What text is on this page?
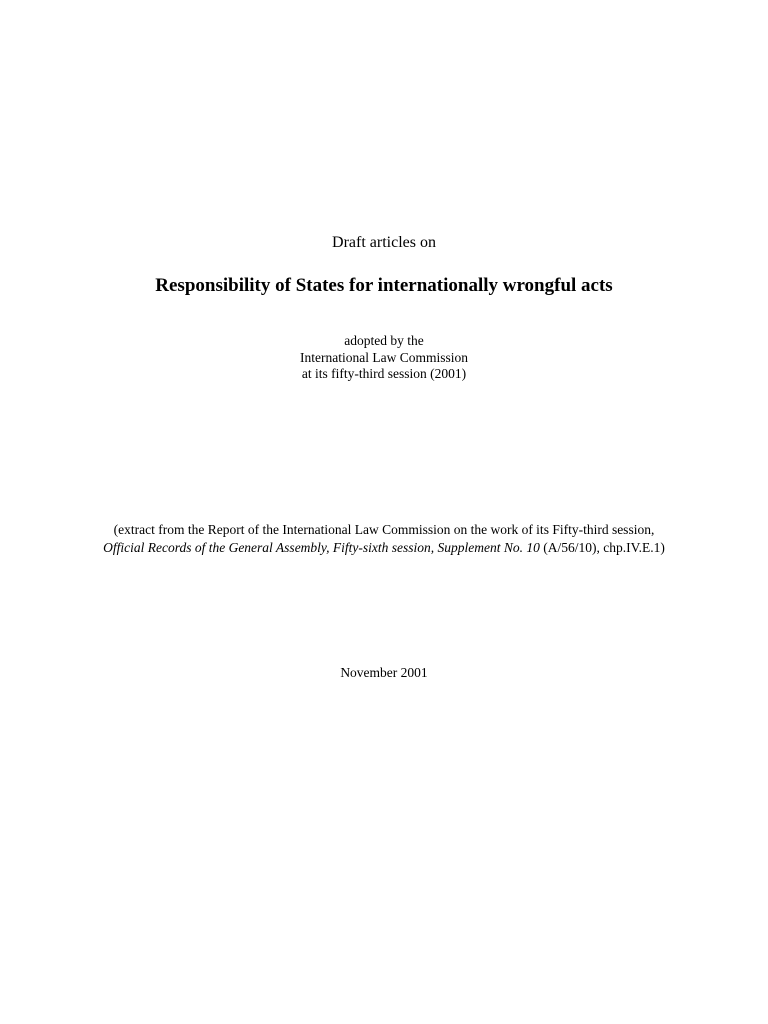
Draft articles on
Responsibility of States for internationally wrongful acts
adopted by the
International Law Commission
at its fifty-third session (2001)
(extract from the Report of the International Law Commission on the work of its Fifty-third session,
Official Records of the General Assembly, Fifty-sixth session, Supplement No. 10 (A/56/10), chp.IV.E.1)
November 2001
